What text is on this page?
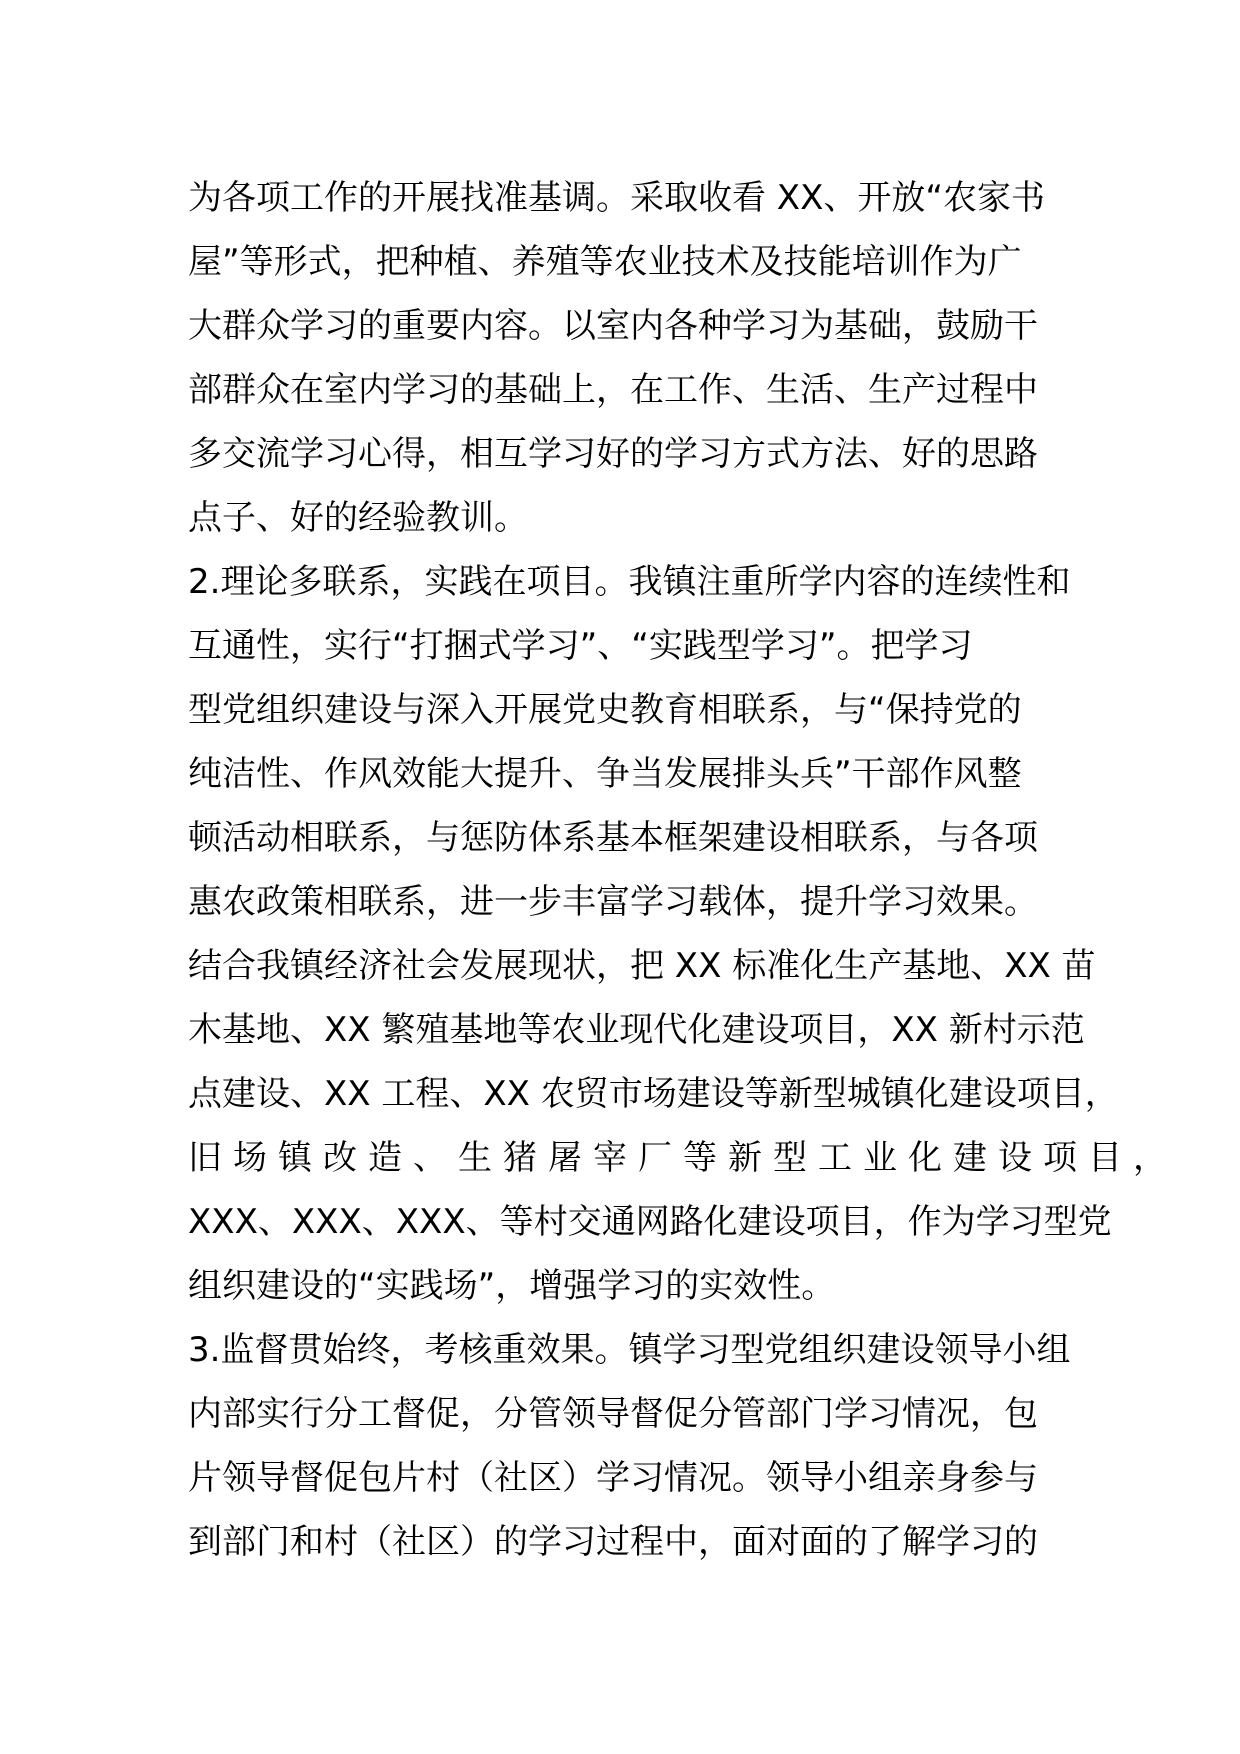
为各项工作的开展找准基调。采取收看 XX、开放“农家书
屋”等形式，把种植、养殖等农业技术及技能培训作为广
大群众学习的重要内容。以室内各种学习为基础，鼓励干
部群众在室内学习的基础上，在工作、生活、生产过程中
多交流学习心得，相互学习好的学习方式方法、好的思路
点子、好的经验教训。
2.理论多联系，实践在项目。我镇注重所学内容的连续性和
互通性，实行“打捆式学习”、“实践型学习”。把学习
型党组织建设与深入开展党史教育相联系，与“保持党的
纯洁性、作风效能大提升、争当发展排头兵”干部作风整
顿活动相联系，与惩防体系基本框架建设相联系，与各项
惠农政策相联系，进一步丰富学习载体，提升学习效果。
结合我镇经济社会发展现状，把 XX 标准化生产基地、XX 苗
木基地、XX 繁殖基地等农业现代化建设项目，XX 新村示范
点建设、XX 工程、XX 农贸市场建设等新型城镇化建设项目，
旧场镇改造、生猪屠宰厂等新型工业化建设项目，
XXX、XXX、XXX、等村交通网路化建设项目，作为学习型党
组织建设的“实践场”，增强学习的实效性。
3.监督贯始终，考核重效果。镇学习型党组织建设领导小组
内部实行分工督促，分管领导督促分管部门学习情况，包
片领导督促包片村（社区）学习情况。领导小组亲身参与
到部门和村（社区）的学习过程中，面对面的了解学习的
